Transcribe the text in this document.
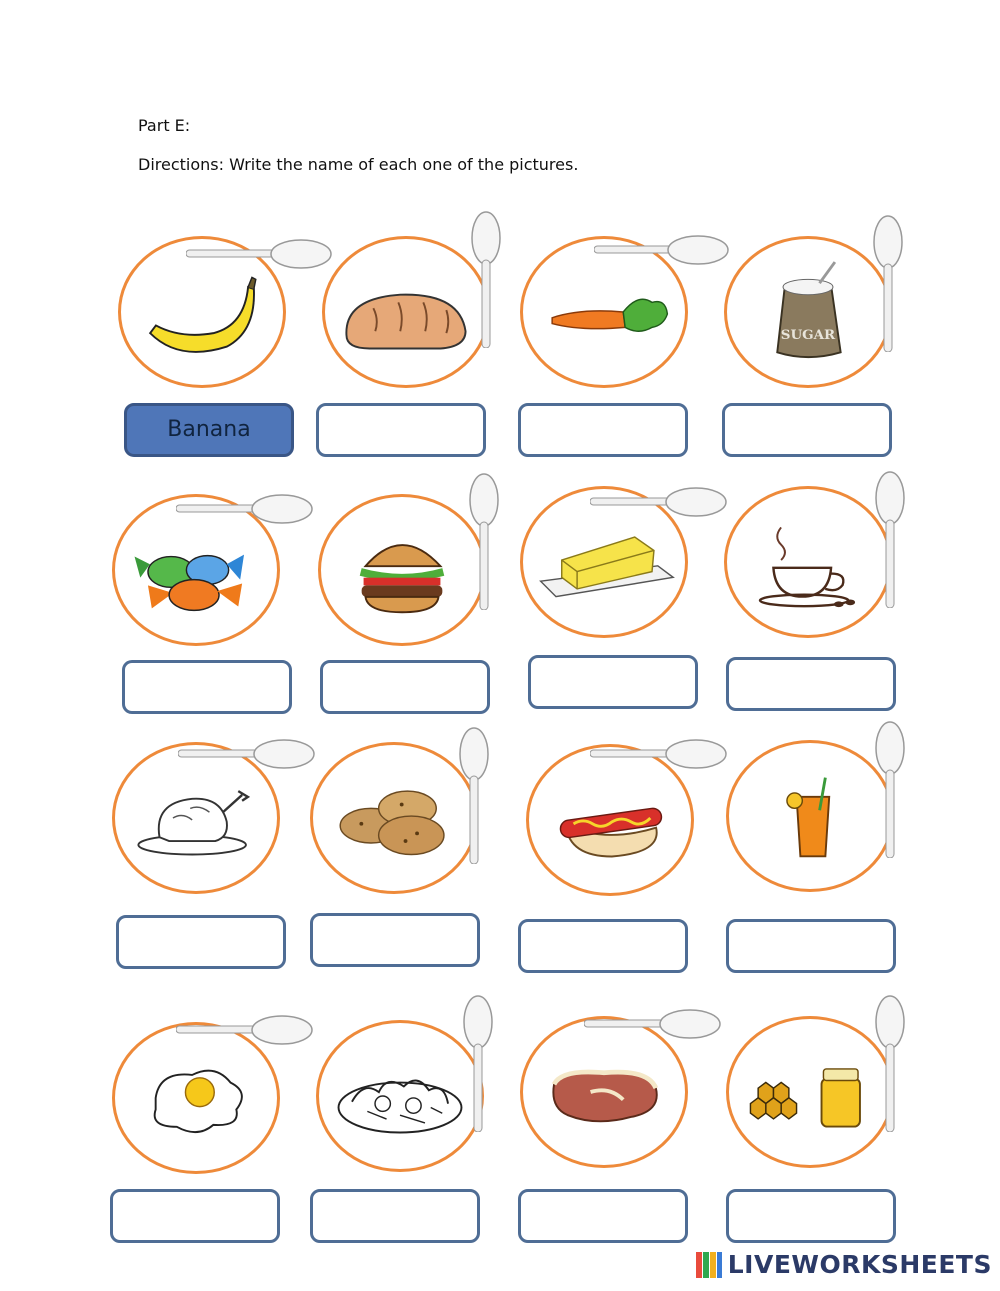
Part E:
Directions: Write the name of each one of the pictures.
SUGAR
Banana
LIVEWORKSHEETS
